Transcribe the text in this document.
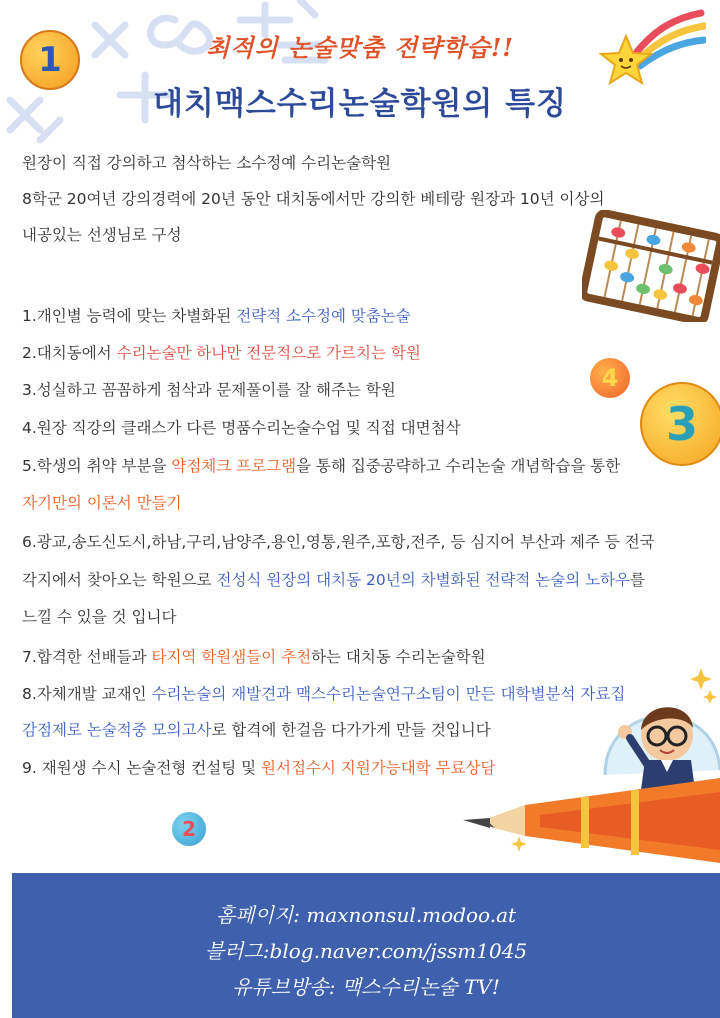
1	최적의 논술맞춤 전략학습!!
대치맥스수리논술학원의 특징
4
3
원장이 직접 강의하고 첨삭하는 소수정예 수리논술학원
8학군 20여년 강의경력에 20년 동안 대치동에서만 강의한 베테랑 원장과 10년 이상의
내공있는 선생님로 구성
1.개인별 능력에 맞는 차별화된 전략적 소수정예 맞춤논술
2.대치동에서 수리논술만 하나만 전문적으로 가르치는 학원
3.성실하고 꼼꼼하게 첨삭과 문제풀이를 잘 해주는 학원
4.원장 직강의 클래스가 다른 명품수리논술수업 및 직접 대면첨삭
5.학생의 취약 부분을 약점체크 프로그램을 통해 집중공략하고 수리논술 개념학습을 통한
자기만의 이론서 만들기
6.광교,송도신도시,하남,구리,남양주,용인,영통,원주,포항,전주, 등 심지어 부산과 제주 등 전국
각지에서 찾아오는 학원으로 전성식 원장의 대치동 20년의 차별화된 전략적 논술의 노하우를
느낄 수 있을 것 입니다
7.합격한 선배들과 타지역 학원샘들이 추천하는 대치동 수리논술학원
8.자체개발 교재인 수리논술의 재발견과 맥스수리논술연구소팀이 만든 대학별분석 자료집
감점제로 논술적중 모의고사로 합격에 한걸음 다가가게 만들 것입니다
9. 재원생 수시 논술전형 컨설팅 및 원서접수시 지원가능대학 무료상담
2
홈페이지: maxnonsul.modoo.at
블러그:blog.naver.com/jssm1045
유튜브방송: 맥스수리논술 TV!
